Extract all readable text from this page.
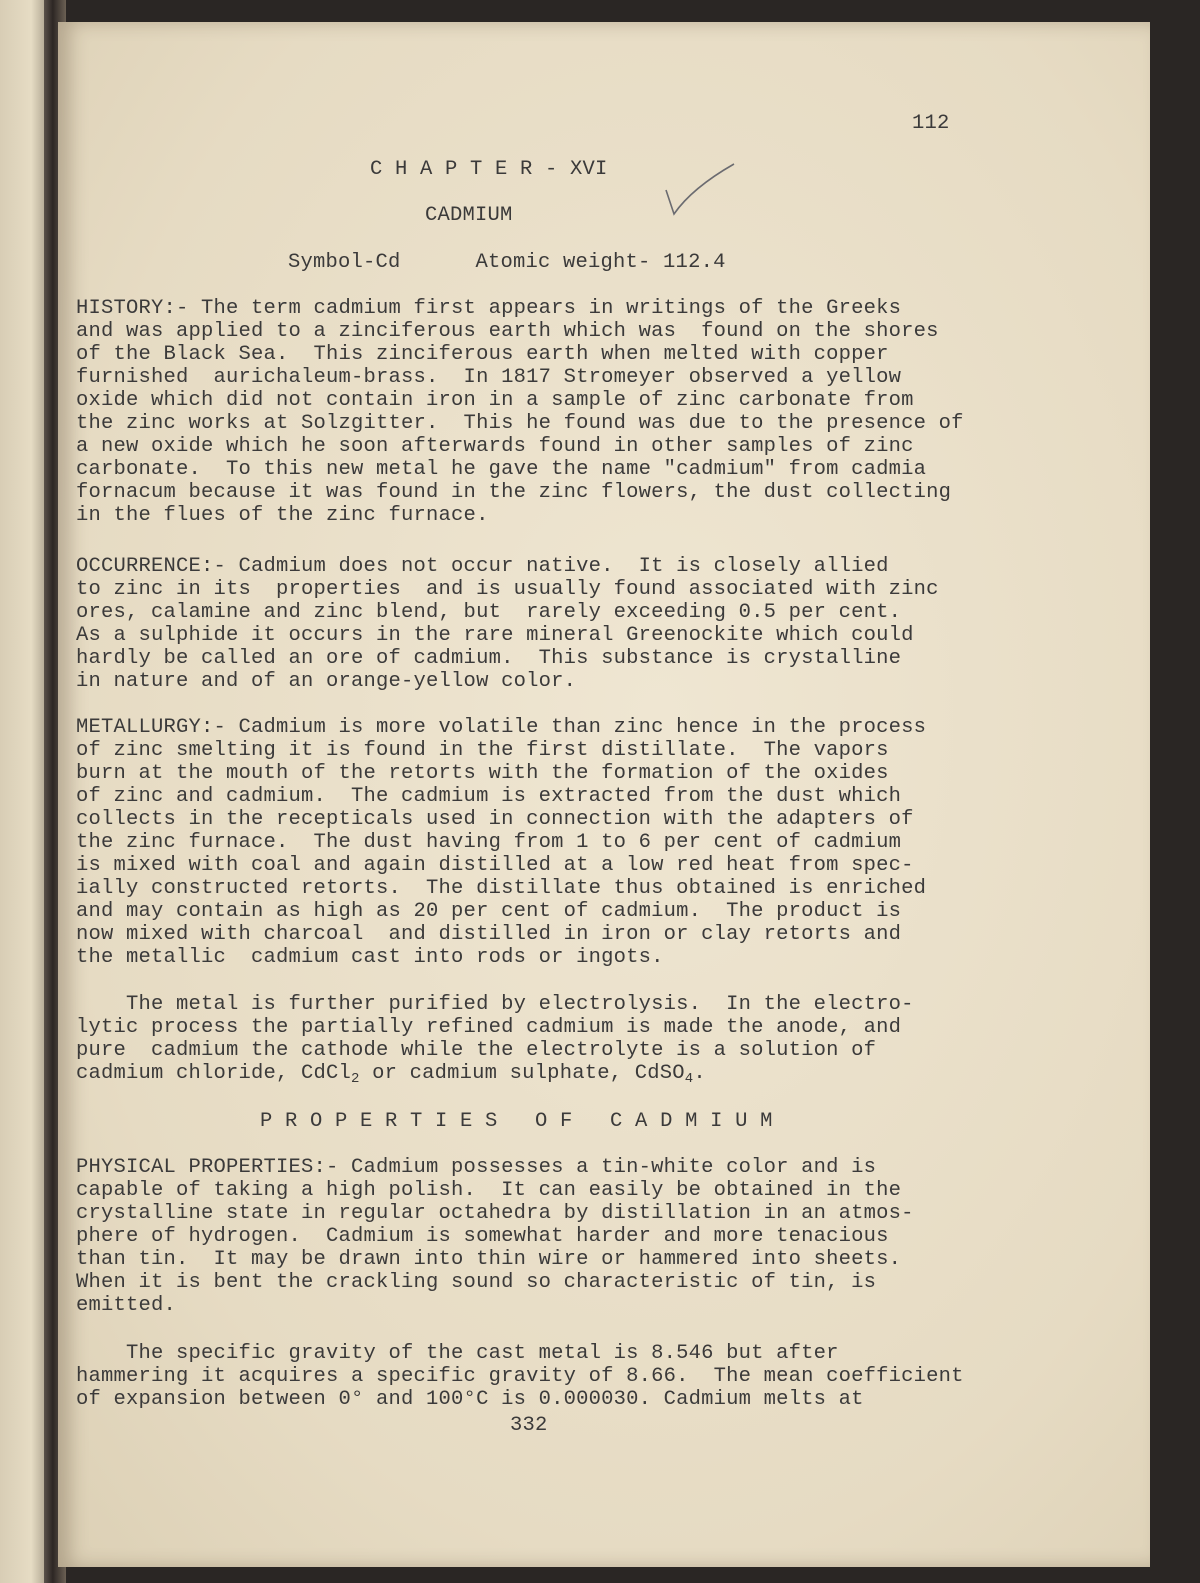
112
C H A P T E R - XVI
CADMIUM
Symbol-Cd      Atomic weight- 112.4
HISTORY:- The term cadmium first appears in writings of the Greeks
and was applied to a zinciferous earth which was  found on the shores
of the Black Sea.  This zinciferous earth when melted with copper
furnished  aurichaleum-brass.  In 1817 Stromeyer observed a yellow
oxide which did not contain iron in a sample of zinc carbonate from
the zinc works at Solzgitter.  This he found was due to the presence of
a new oxide which he soon afterwards found in other samples of zinc
carbonate.  To this new metal he gave the name "cadmium" from cadmia
fornacum because it was found in the zinc flowers, the dust collecting
in the flues of the zinc furnace.
OCCURRENCE:- Cadmium does not occur native.  It is closely allied
to zinc in its  properties  and is usually found associated with zinc
ores, calamine and zinc blend, but  rarely exceeding 0.5 per cent.
As a sulphide it occurs in the rare mineral Greenockite which could
hardly be called an ore of cadmium.  This substance is crystalline
in nature and of an orange-yellow color.
METALLURGY:- Cadmium is more volatile than zinc hence in the process
of zinc smelting it is found in the first distillate.  The vapors
burn at the mouth of the retorts with the formation of the oxides
of zinc and cadmium.  The cadmium is extracted from the dust which
collects in the recepticals used in connection with the adapters of
the zinc furnace.  The dust having from 1 to 6 per cent of cadmium
is mixed with coal and again distilled at a low red heat from spec-
ially constructed retorts.  The distillate thus obtained is enriched
and may contain as high as 20 per cent of cadmium.  The product is
now mixed with charcoal  and distilled in iron or clay retorts and
the metallic  cadmium cast into rods or ingots.
The metal is further purified by electrolysis.  In the electro-
lytic process the partially refined cadmium is made the anode, and
pure  cadmium the cathode while the electrolyte is a solution of
cadmium chloride, CdCl$_2$ or cadmium sulphate, CdSO$_4$.
P R O P E R T I E S   O F   C A D M I U M
PHYSICAL PROPERTIES:- Cadmium possesses a tin-white color and is
capable of taking a high polish.  It can easily be obtained in the
crystalline state in regular octahedra by distillation in an atmos-
phere of hydrogen.  Cadmium is somewhat harder and more tenacious
than tin.  It may be drawn into thin wire or hammered into sheets.
When it is bent the crackling sound so characteristic of tin, is
emitted.
The specific gravity of the cast metal is 8.546 but after
hammering it acquires a specific gravity of 8.66.  The mean coefficient
of expansion between 0° and 100°C is 0.000030. Cadmium melts at
332
